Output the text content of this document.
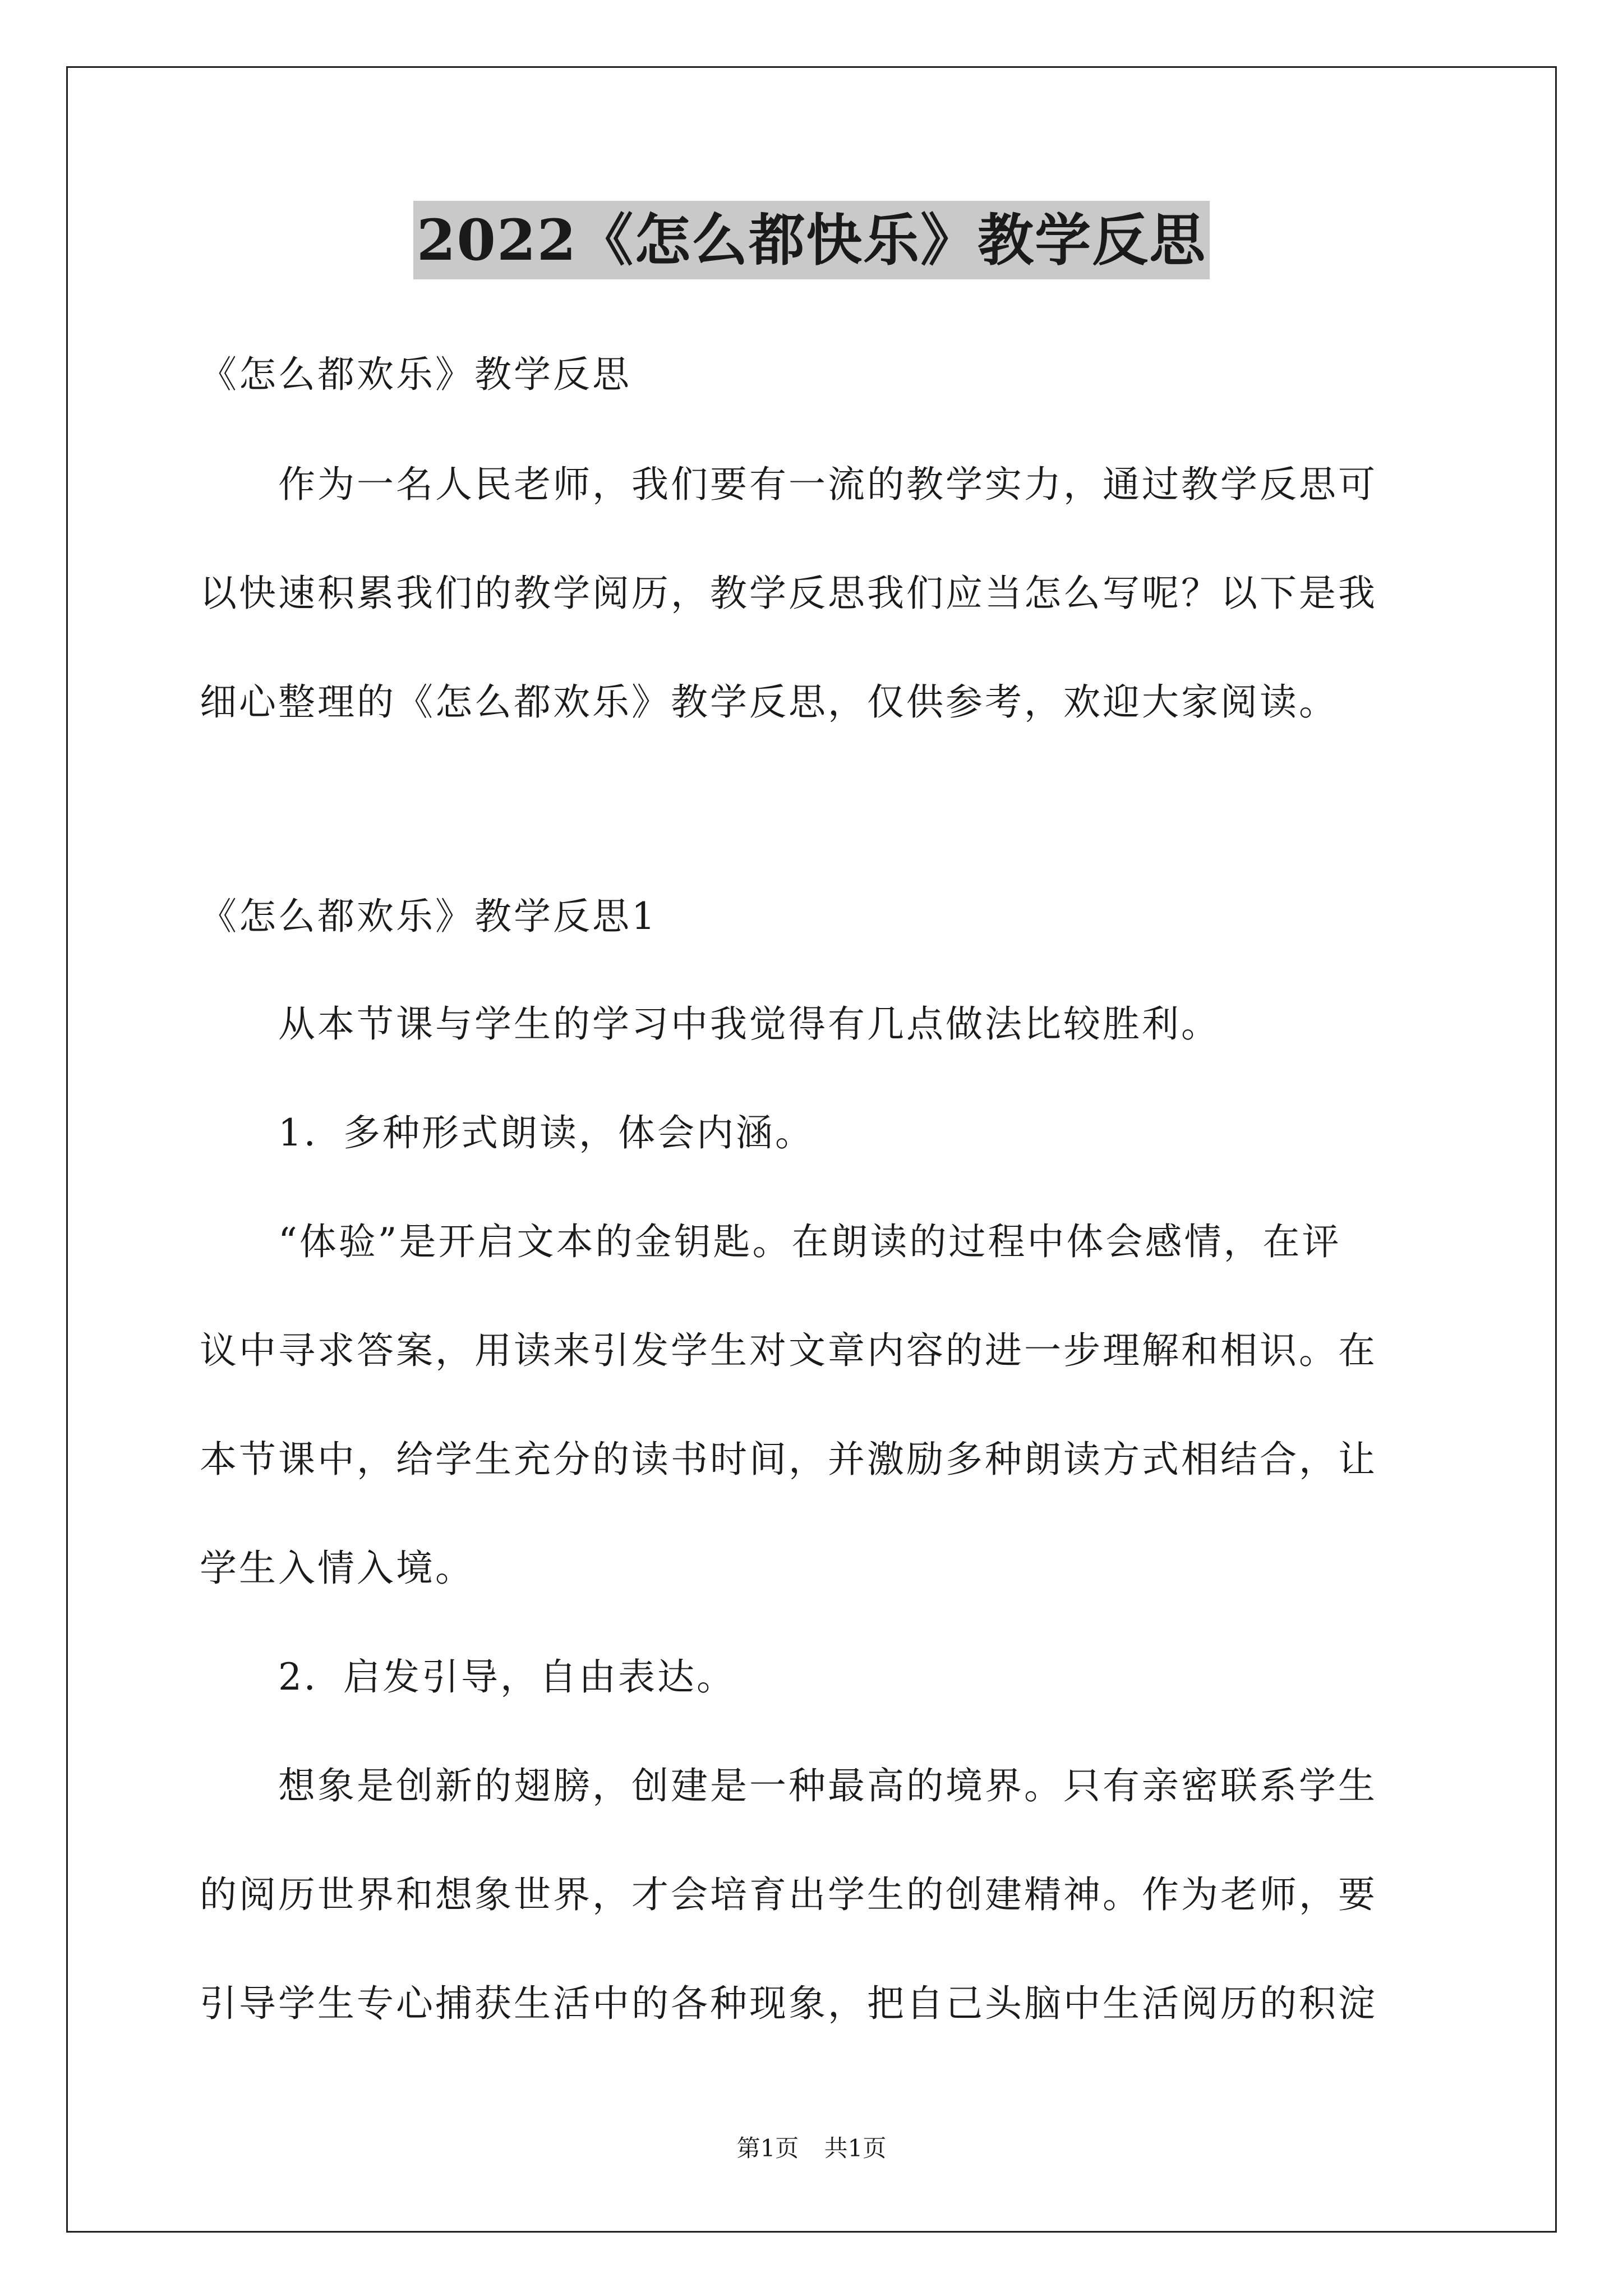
2022《怎么都快乐》教学反思
《怎么都欢乐》教学反思
　　作为一名人民老师，我们要有一流的教学实力，通过教学反思可
以快速积累我们的教学阅历，教学反思我们应当怎么写呢？以下是我
细心整理的《怎么都欢乐》教学反思，仅供参考，欢迎大家阅读。
《怎么都欢乐》教学反思1
　　从本节课与学生的学习中我觉得有几点做法比较胜利。
　　1．多种形式朗读，体会内涵。
　　“体验”是开启文本的金钥匙。在朗读的过程中体会感情，在评
议中寻求答案，用读来引发学生对文章内容的进一步理解和相识。在
本节课中，给学生充分的读书时间，并激励多种朗读方式相结合，让
学生入情入境。
　　2．启发引导，自由表达。
　　想象是创新的翅膀，创建是一种最高的境界。只有亲密联系学生
的阅历世界和想象世界，才会培育出学生的创建精神。作为老师，要
引导学生专心捕获生活中的各种现象，把自己头脑中生活阅历的积淀
第1页 共1页
